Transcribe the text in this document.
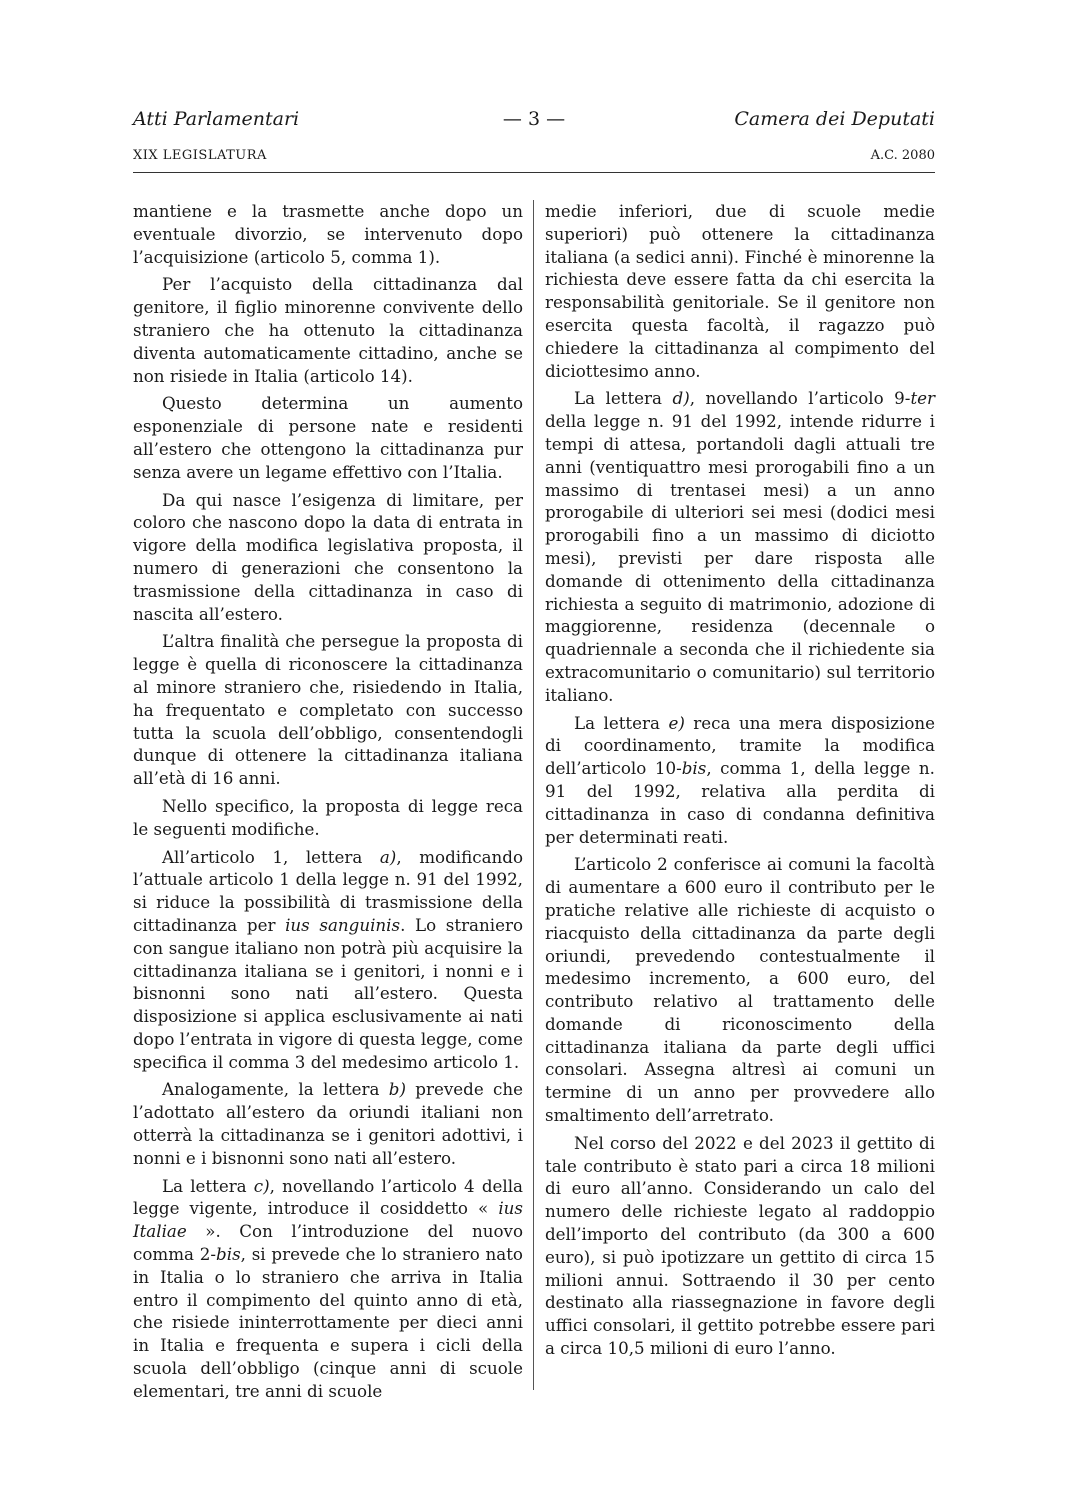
Atti Parlamentari	— 3 —	Camera dei Deputati
XIX LEGISLATURA	A.C. 2080

mantiene e la trasmette anche dopo un eventuale divorzio, se intervenuto dopo l’acquisizione (articolo 5, comma 1).

Per l’acquisto della cittadinanza dal genitore, il figlio minorenne convivente dello straniero che ha ottenuto la cittadinanza diventa automaticamente cittadino, anche se non risiede in Italia (articolo 14).

Questo determina un aumento esponenziale di persone nate e residenti all’estero che ottengono la cittadinanza pur senza avere un legame effettivo con l’Italia.

Da qui nasce l’esigenza di limitare, per coloro che nascono dopo la data di entrata in vigore della modifica legislativa proposta, il numero di generazioni che consentono la trasmissione della cittadinanza in caso di nascita all’estero.

L’altra finalità che persegue la proposta di legge è quella di riconoscere la cittadinanza al minore straniero che, risiedendo in Italia, ha frequentato e completato con successo tutta la scuola dell’obbligo, consentendogli dunque di ottenere la cittadinanza italiana all’età di 16 anni.

Nello specifico, la proposta di legge reca le seguenti modifiche.

All’articolo 1, lettera a), modificando l’attuale articolo 1 della legge n. 91 del 1992, si riduce la possibilità di trasmissione della cittadinanza per ius sanguinis. Lo straniero con sangue italiano non potrà più acquisire la cittadinanza italiana se i genitori, i nonni e i bisnonni sono nati all’estero. Questa disposizione si applica esclusivamente ai nati dopo l’entrata in vigore di questa legge, come specifica il comma 3 del medesimo articolo 1.

Analogamente, la lettera b) prevede che l’adottato all’estero da oriundi italiani non otterrà la cittadinanza se i genitori adottivi, i nonni e i bisnonni sono nati all’estero.

La lettera c), novellando l’articolo 4 della legge vigente, introduce il cosiddetto « ius Italiae ». Con l’introduzione del nuovo comma 2-bis, si prevede che lo straniero nato in Italia o lo straniero che arriva in Italia entro il compimento del quinto anno di età, che risiede ininterrottamente per dieci anni in Italia e frequenta e supera i cicli della scuola dell’obbligo (cinque anni di scuole elementari, tre anni di scuole

medie inferiori, due di scuole medie superiori) può ottenere la cittadinanza italiana (a sedici anni). Finché è minorenne la richiesta deve essere fatta da chi esercita la responsabilità genitoriale. Se il genitore non esercita questa facoltà, il ragazzo può chiedere la cittadinanza al compimento del diciottesimo anno.

La lettera d), novellando l’articolo 9-ter della legge n. 91 del 1992, intende ridurre i tempi di attesa, portandoli dagli attuali tre anni (ventiquattro mesi prorogabili fino a un massimo di trentasei mesi) a un anno prorogabile di ulteriori sei mesi (dodici mesi prorogabili fino a un massimo di diciotto mesi), previsti per dare risposta alle domande di ottenimento della cittadinanza richiesta a seguito di matrimonio, adozione di maggiorenne, residenza (decennale o quadriennale a seconda che il richiedente sia extracomunitario o comunitario) sul territorio italiano.

La lettera e) reca una mera disposizione di coordinamento, tramite la modifica dell’articolo 10-bis, comma 1, della legge n. 91 del 1992, relativa alla perdita di cittadinanza in caso di condanna definitiva per determinati reati.

L’articolo 2 conferisce ai comuni la facoltà di aumentare a 600 euro il contributo per le pratiche relative alle richieste di acquisto o riacquisto della cittadinanza da parte degli oriundi, prevedendo contestualmente il medesimo incremento, a 600 euro, del contributo relativo al trattamento delle domande di riconoscimento della cittadinanza italiana da parte degli uffici consolari. Assegna altresì ai comuni un termine di un anno per provvedere allo smaltimento dell’arretrato.

Nel corso del 2022 e del 2023 il gettito di tale contributo è stato pari a circa 18 milioni di euro all’anno. Considerando un calo del numero delle richieste legato al raddoppio dell’importo del contributo (da 300 a 600 euro), si può ipotizzare un gettito di circa 15 milioni annui. Sottraendo il 30 per cento destinato alla riassegnazione in favore degli uffici consolari, il gettito potrebbe essere pari a circa 10,5 milioni di euro l’anno.
